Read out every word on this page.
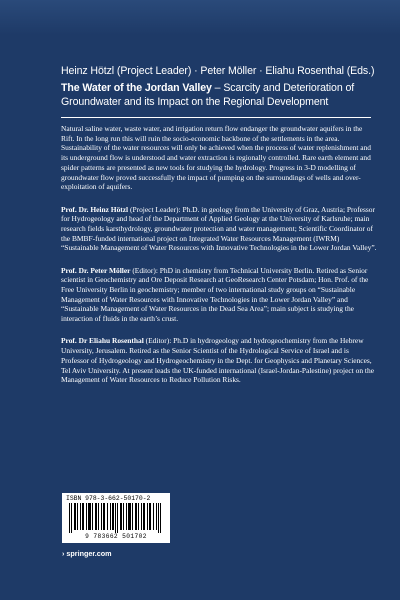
Heinz Hötzl (Project Leader) · Peter Möller · Eliahu Rosenthal (Eds.)
The Water of the Jordan Valley – Scarcity and Deterioration of Groundwater and its Impact on the Regional Development

Natural saline water, waste water, and irrigation return flow endanger the groundwater aquifers in the Rift. In the long run this will ruin the socio-economic backbone of the settlements in the area. Sustainability of the water resources will only be achieved when the process of water replenishment and its underground flow is understood and water extraction is regionally controlled. Rare earth element and spider patterns are presented as new tools for studying the hydrology. Progress in 3-D modelling of groundwater flow proved successfully the impact of pumping on the surroundings of wells and over-exploitation of aquifers.

Prof. Dr. Heinz Hötzl (Project Leader): Ph.D. in geology from the University of Graz, Austria; Professor for Hydrogeology and head of the Department of Applied Geology at the University of Karlsruhe; main research fields karsthydrology, groundwater protection and water management; Scientific Coordinator of the BMBF-funded international project on Integrated Water Resources Management (IWRM) “Sustainable Management of Water Resources with Innovative Technologies in the Lower Jordan Valley”.

Prof. Dr. Peter Möller (Editor): PhD in chemistry from Technical University Berlin. Retired as Senior scientist in Geochemistry and Ore Deposit Research at GeoResearch Center Potsdam; Hon. Prof. of the Free University Berlin in geochemistry; member of two international study groups on “Sustainable Management of Water Resources with Innovative Technologies in the Lower Jordan Valley” and “Sustainable Management of Water Resources in the Dead Sea Area”; main subject is studying the interaction of fluids in the earth’s crust.

Prof. Dr Eliahu Rosenthal (Editor): Ph.D in hydrogeology and hydrogeochemistry from the Hebrew University, Jerusalem. Retired as the Senior Scientist of the Hydrological Service of Israel and is Professor of Hydrogeology and Hydrogeochemistry in the Dept. for Geophysics and Planetary Sciences, Tel Aviv University. At present leads the UK-funded international (Israel-Jordan-Palestine) project on the Management of Water Resources to Reduce Pollution Risks.

ISBN 978-3-662-50170-2
9 783662 501702
› springer.com
